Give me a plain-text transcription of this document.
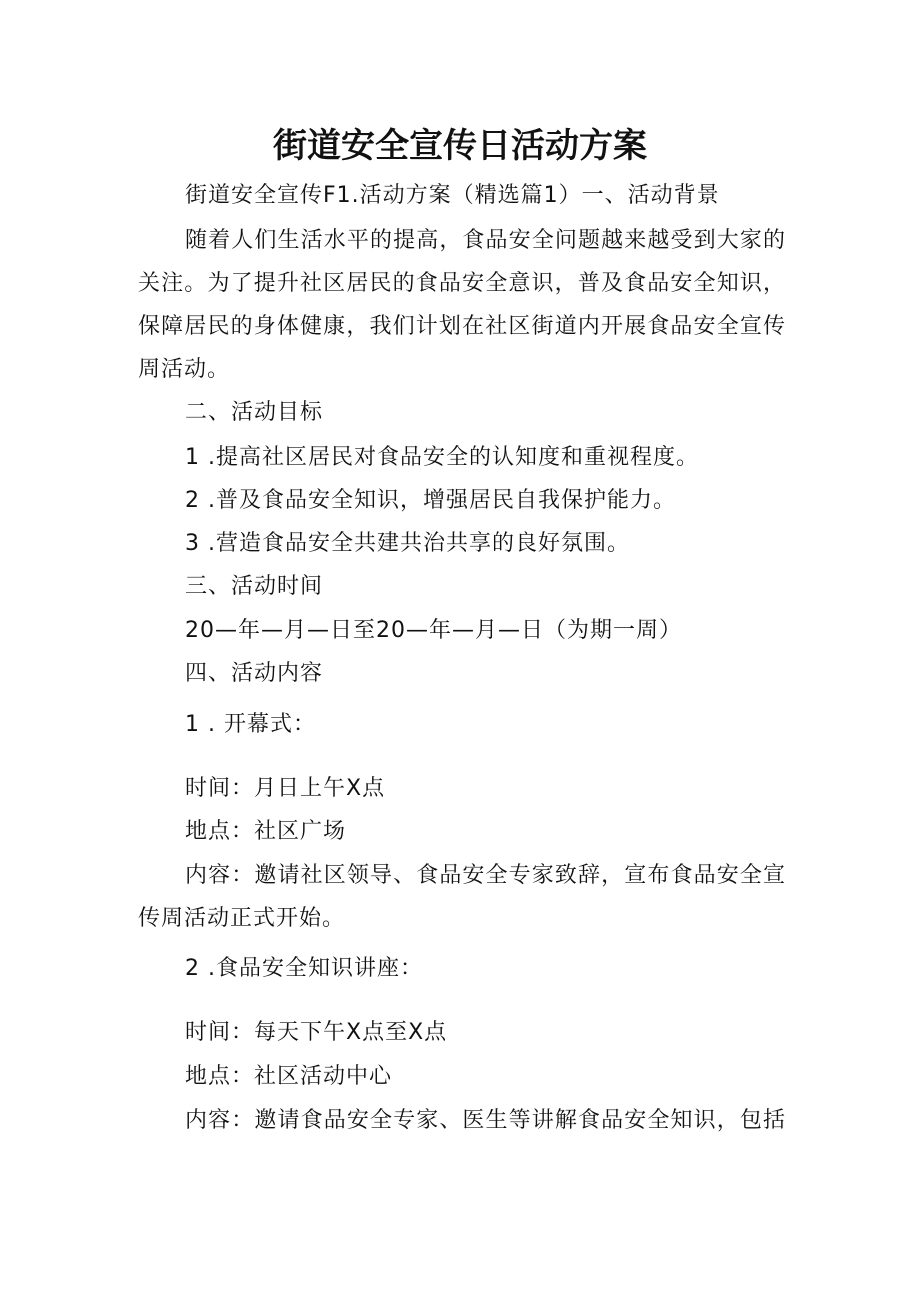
街道安全宣传日活动方案
街道安全宣传F1.活动方案（精选篇1）一、活动背景
随着人们生活水平的提高，食品安全问题越来越受到大家的
关注。为了提升社区居民的食品安全意识，普及食品安全知识，
保障居民的身体健康，我们计划在社区街道内开展食品安全宣传
周活动。
二、活动目标
1 .提高社区居民对食品安全的认知度和重视程度。
2 .普及食品安全知识，增强居民自我保护能力。
3 .营造食品安全共建共治共享的良好氛围。
三、活动时间
20—年—月—日至20—年—月—日（为期一周）
四、活动内容
1 . 开幕式：
时间：月日上午X点
地点：社区广场
内容：邀请社区领导、食品安全专家致辞，宣布食品安全宣
传周活动正式开始。
2 .食品安全知识讲座：
时间：每天下午X点至X点
地点：社区活动中心
内容：邀请食品安全专家、医生等讲解食品安全知识，包括
